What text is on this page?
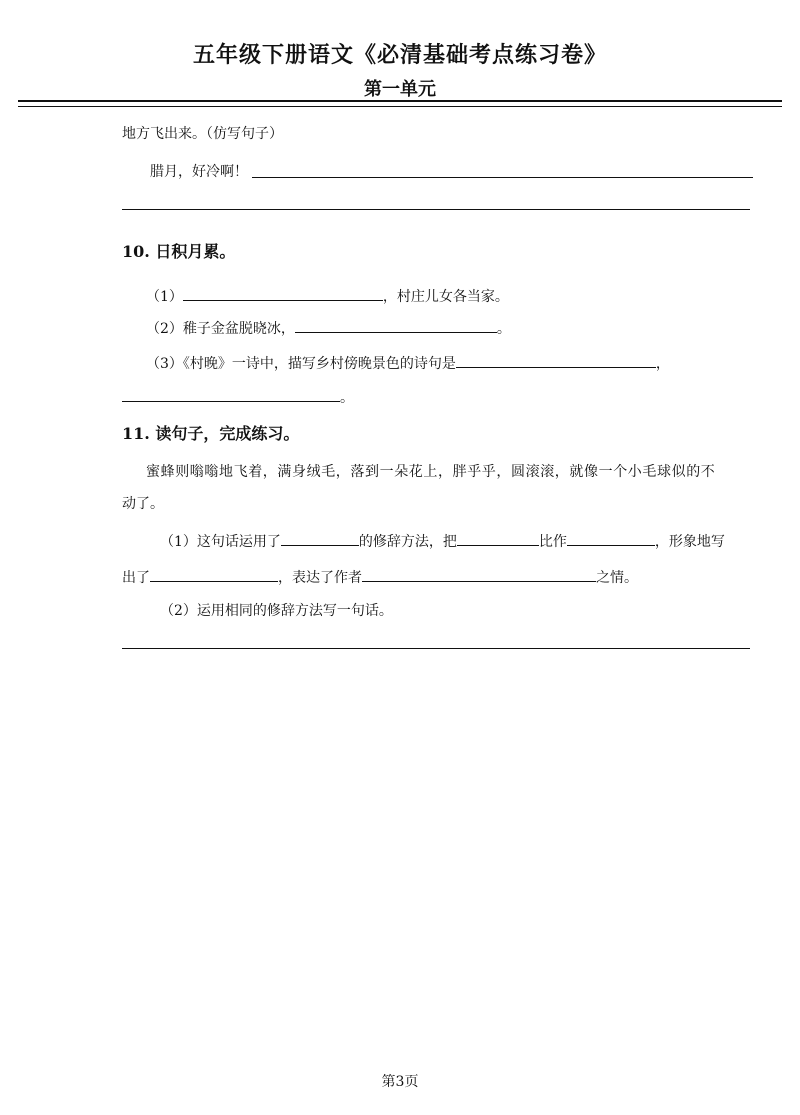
五年级下册语文《必清基础考点练习卷》
第一单元
地方飞出来。（仿写句子）
腊月，好冷啊！
10. 日积月累。
（1）	，村庄儿女各当家。
（2）稚子金盆脱晓冰，	。
（3）《村晚》一诗中，描写乡村傍晚景色的诗句是	，
。
11. 读句子，完成练习。
蜜蜂则嗡嗡地飞着，满身绒毛，落到一朵花上，胖乎乎，圆滚滚，就像一个小毛球似的不
动了。
（1）这句话运用了	的修辞方法，把	比作	，形象地写
出了	，表达了作者	之情。
（2）运用相同的修辞方法写一句话。
第3页
